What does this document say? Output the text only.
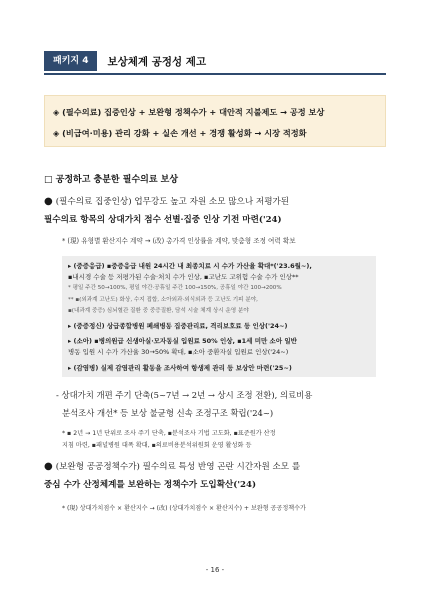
패키지 4	보상체계 공정성 제고
◈ (필수의료) 집중인상 + 보완형 정책수가 + 대안적 지불제도 → 공정 보상
◈ (비급여·미용) 관리 강화 + 실손 개선 + 경쟁 활성화 → 시장 적정화
□ 공정하고 충분한 필수의료 보상
● (필수의료 집중인상) 업무강도 높고 자원 소모 많으나 저평가된
필수의료 항목의 상대가치 점수 선별·집중 인상 기전 마련('24)
* (現) 유형별 환산지수 계약 → (改) 총가격 인상률을 계약, 맞춤형 조정 여력 확보
▸ (중증응급) ▪중증응급 내원 24시간 내 최종치료 시 수가 가산율 확대*('23.6월~),
▪내시경 수술 등 저평가된 수술·처치 수가 인상, ▪고난도 고위험 수술 수가 인상**
* 평일 주간 50→100%, 평일 야간·공휴일 주간 100→150%, 공휴일 야간 100→200%
** ▪(외과계 고난도) 화상, 수지 접합, 소아외과·외식외과 등 고난도 기피 분야,
▪(내과계 중증) 심뇌혈관 질환 중 중증질환, 담석 시술 체계 상시 운영 분야
▸ (중증정신) 상급종합병원 폐쇄병동 집중관리료, 격리보호료 등 인상('24~)
▸ (소아) ▪병의원급 신생아실·모자동실 입원료 50% 인상, ▪1세 미만 소아 일반
병동 입원 시 수가 가산율 30→50% 확대, ▪소아 중환자실 입원료 인상('24~)
▸ (감염병) 실제 감염관리 활동을 조사하여 항생제 관리 등 보상안 마련('25~)
- 상대가치 개편 주기 단축(5~7년 → 2년 → 상시 조정 전환), 의료비용
분석조사 개선* 등 보상 불균형 신속 조정구조 확립('24~)
* ▪ 2년 → 1년 단위로 조사 주기 단축, ▪분석조사 기법 고도화, ▪표준원가 산정
지침 마련, ▪패널병원 대폭 확대, ▪의료비용분석위원회 운영 활성화 등
● (보완형 공공정책수가) 필수의료 특성 반영 곤란 시간자원 소모 를
중심 수가 산정체계를 보완하는 정책수가 도입확산('24)
* (現) 상대가치점수 × 환산지수 → (改) (상대가치점수 × 환산지수) + 보완형 공공정책수가
- 16 -
